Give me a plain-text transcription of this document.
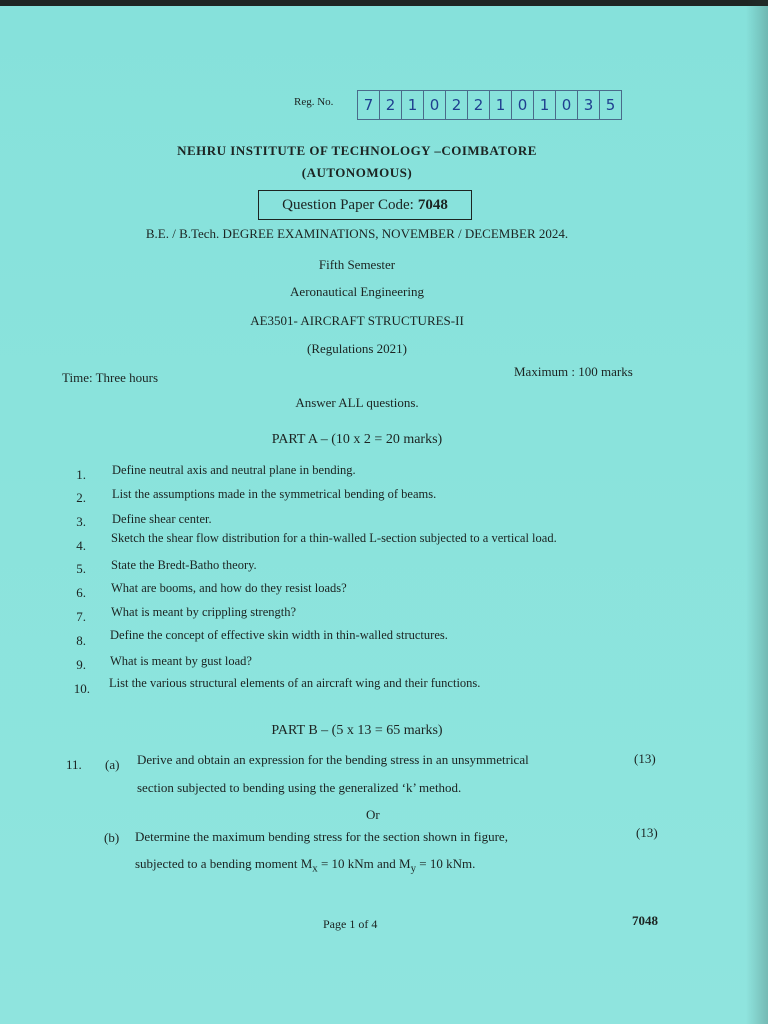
Reg. No.	7 2 1 0 2 2 1 0 1 0 3 5
NEHRU INSTITUTE OF TECHNOLOGY –COIMBATORE
(AUTONOMOUS)
Question Paper Code: 7048
B.E. / B.Tech. DEGREE EXAMINATIONS, NOVEMBER / DECEMBER 2024.
Fifth Semester
Aeronautical Engineering
AE3501- AIRCRAFT STRUCTURES-II
(Regulations 2021)
Time: Three hours	Maximum : 100 marks
Answer ALL questions.
PART A – (10 x 2 = 20 marks)
1. Define neutral axis and neutral plane in bending.
2. List the assumptions made in the symmetrical bending of beams.
3. Define shear center.
4. Sketch the shear flow distribution for a thin-walled L-section subjected to a vertical load.
5. State the Bredt-Batho theory.
6. What are booms, and how do they resist loads?
7. What is meant by crippling strength?
8. Define the concept of effective skin width in thin-walled structures.
9. What is meant by gust load?
10. List the various structural elements of an aircraft wing and their functions.
PART B – (5 x 13 = 65 marks)
11. (a) Derive and obtain an expression for the bending stress in an unsymmetrical
section subjected to bending using the generalized ‘k’ method.
(13)
Or
(b) Determine the maximum bending stress for the section shown in figure,
subjected to a bending moment $M_x = 10$ kNm and $M_y = 10$ kNm.
(13)
Page 1 of 4	7048
